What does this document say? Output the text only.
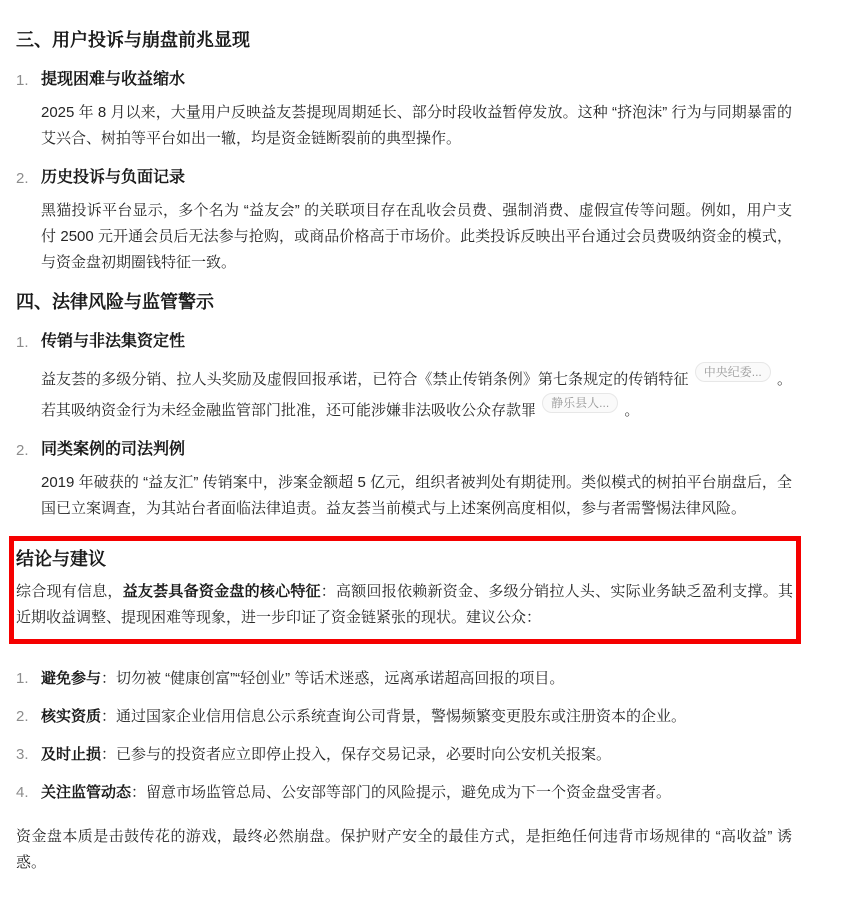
三、用户投诉与崩盘前兆显现
1. 提现困难与收益缩水

2025 年 8 月以来，大量用户反映益友荟提现周期延长、部分时段收益暂停发放。这种 “挤泡沫” 行为与同期暴雷的艾兴合、树拍等平台如出一辙，均是资金链断裂前的典型操作。

2. 历史投诉与负面记录

黑猫投诉平台显示，多个名为 “益友会” 的关联项目存在乱收会员费、强制消费、虚假宣传等问题。例如，用户支付 2500 元开通会员后无法参与抢购，或商品价格高于市场价。此类投诉反映出平台通过会员费吸纳资金的模式，与资金盘初期圈钱特征一致。

四、法律风险与监管警示
1. 传销与非法集资定性

益友荟的多级分销、拉人头奖励及虚假回报承诺，已符合《禁止传销条例》第七条规定的传销特征 中央纪委... 。若其吸纳资金行为未经金融监管部门批准，还可能涉嫌非法吸收公众存款罪 静乐县人... 。

2. 同类案例的司法判例

2019 年破获的 “益友汇” 传销案中，涉案金额超 5 亿元，组织者被判处有期徒刑。类似模式的树拍平台崩盘后，全国已立案调查，为其站台者面临法律追责。益友荟当前模式与上述案例高度相似，参与者需警惕法律风险。

结论与建议

综合现有信息，益友荟具备资金盘的核心特征：高额回报依赖新资金、多级分销拉人头、实际业务缺乏盈利支撑。其近期收益调整、提现困难等现象，进一步印证了资金链紧张的现状。建议公众：

1. 避免参与：切勿被 “健康创富”“轻创业” 等话术迷惑，远离承诺超高回报的项目。
2. 核实资质：通过国家企业信用信息公示系统查询公司背景，警惕频繁变更股东或注册资本的企业。
3. 及时止损：已参与的投资者应立即停止投入，保存交易记录，必要时向公安机关报案。
4. 关注监管动态：留意市场监管总局、公安部等部门的风险提示，避免成为下一个资金盘受害者。

资金盘本质是击鼓传花的游戏，最终必然崩盘。保护财产安全的最佳方式，是拒绝任何违背市场规律的 “高收益” 诱惑。
